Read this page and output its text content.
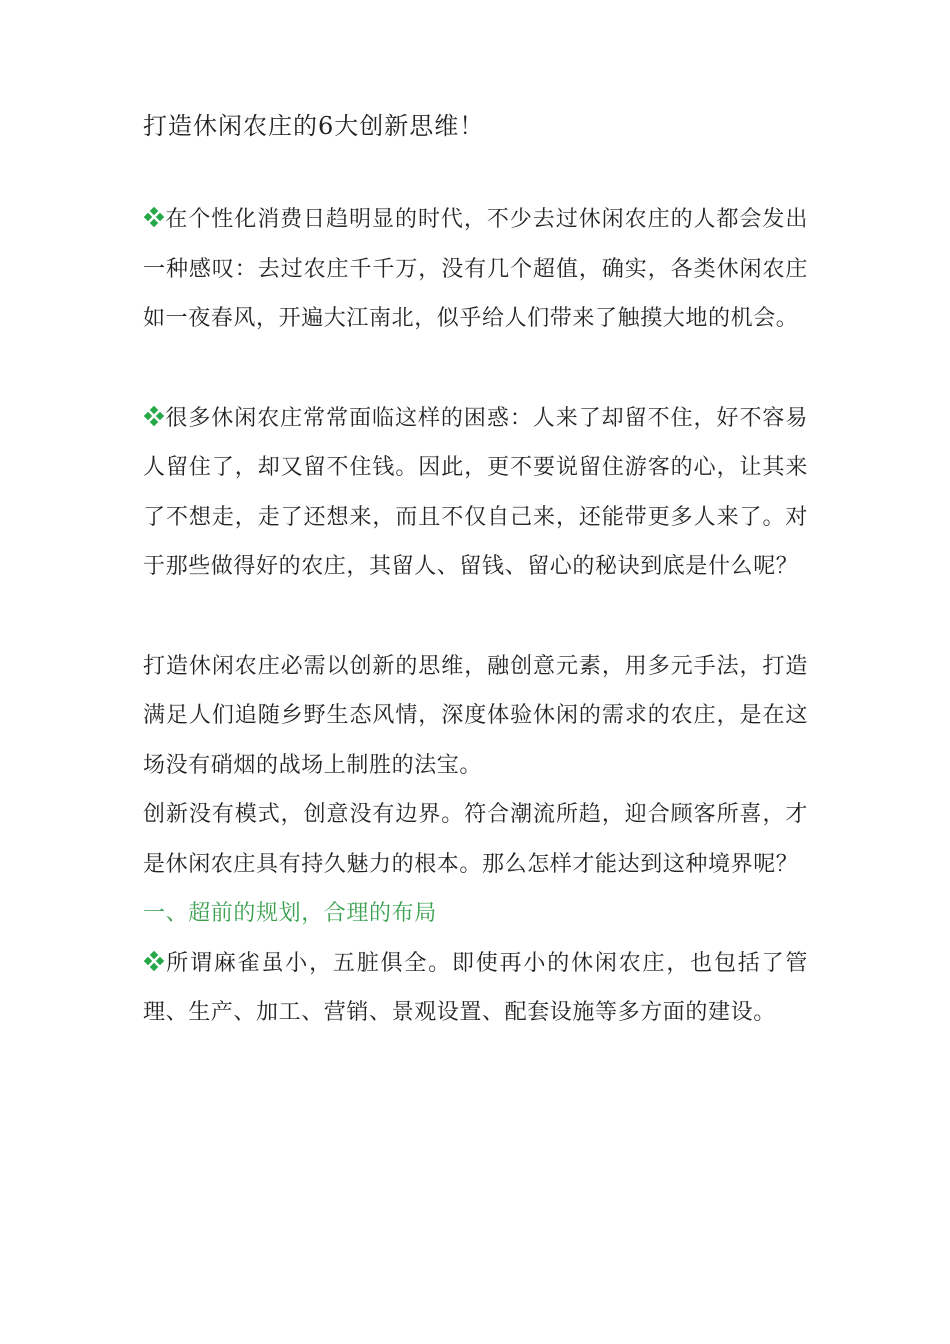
打造休闲农庄的6大创新思维！

在个性化消费日趋明显的时代，不少去过休闲农庄的人都会发出一种感叹：去过农庄千千万，没有几个超值，确实，各类休闲农庄如一夜春风，开遍大江南北，似乎给人们带来了触摸大地的机会。

很多休闲农庄常常面临这样的困惑：人来了却留不住，好不容易人留住了，却又留不住钱。因此，更不要说留住游客的心，让其来了不想走，走了还想来，而且不仅自己来，还能带更多人来了。对于那些做得好的农庄，其留人、留钱、留心的秘诀到底是什么呢？

打造休闲农庄必需以创新的思维，融创意元素，用多元手法，打造满足人们追随乡野生态风情，深度体验休闲的需求的农庄，是在这场没有硝烟的战场上制胜的法宝。

创新没有模式，创意没有边界。符合潮流所趋，迎合顾客所喜，才是休闲农庄具有持久魅力的根本。那么怎样才能达到这种境界呢？

一、超前的规划，合理的布局

所谓麻雀虽小，五脏俱全。即使再小的休闲农庄，也包括了管理、生产、加工、营销、景观设置、配套设施等多方面的建设。
